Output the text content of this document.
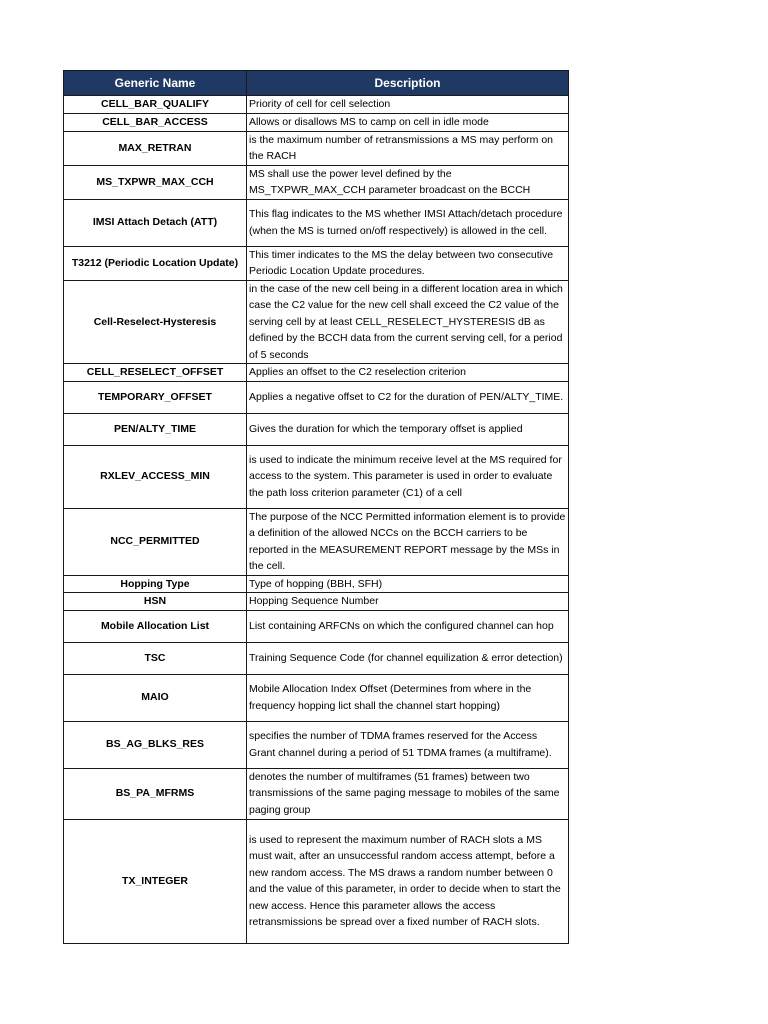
Generic Name	Description
CELL_BAR_QUALIFY	Priority of cell for cell selection
CELL_BAR_ACCESS	Allows or disallows MS to camp on cell in idle mode
MAX_RETRAN	is the maximum number of retransmissions a MS may perform on the RACH
MS_TXPWR_MAX_CCH	MS shall use the power level defined by the MS_TXPWR_MAX_CCH parameter broadcast on the BCCH
IMSI Attach Detach (ATT)	This flag indicates to the MS whether IMSI Attach/detach procedure (when the MS is turned on/off respectively) is allowed in the cell.
T3212 (Periodic Location Update)	This timer indicates to the MS the delay between two consecutive Periodic Location Update procedures.
Cell-Reselect-Hysteresis	in the case of the new cell being in a different location area in which case the C2 value for the new cell shall exceed the C2 value of the serving cell by at least CELL_RESELECT_HYSTERESIS dB as defined by the BCCH data from the current serving cell, for a period of 5 seconds
CELL_RESELECT_OFFSET	Applies an offset to the C2 reselection criterion
TEMPORARY_OFFSET	Applies a negative offset to C2 for the duration of PEN/ALTY_TIME.
PEN/ALTY_TIME	Gives the duration for which the temporary offset is applied
RXLEV_ACCESS_MIN	is used to indicate the minimum receive level at the MS required for access to the system. This parameter is used in order to evaluate the path loss criterion parameter (C1) of a cell
NCC_PERMITTED	The purpose of the NCC Permitted information element is to provide a definition of the allowed NCCs on the BCCH carriers to be reported in the MEASUREMENT REPORT message by the MSs in the cell.
Hopping Type	Type of hopping (BBH, SFH)
HSN	Hopping Sequence Number
Mobile Allocation List	List containing ARFCNs on which the configured channel can hop
TSC	Training Sequence Code (for channel equilization & error detection)
MAIO	Mobile Allocation Index Offset (Determines from where in the frequency hopping lict shall the channel start hopping)
BS_AG_BLKS_RES	specifies the number of TDMA frames reserved for the Access Grant channel during a period of 51 TDMA frames (a multiframe).
BS_PA_MFRMS	denotes the number of multiframes (51 frames) between two transmissions of the same paging message to mobiles of the same paging group
TX_INTEGER	is used to represent the maximum number of RACH slots a MS must wait, after an unsuccessful random access attempt, before a new random access. The MS draws a random number between 0 and the value of this parameter, in order to decide when to start the new access. Hence this parameter allows the access retransmissions be spread over a fixed number of RACH slots.
